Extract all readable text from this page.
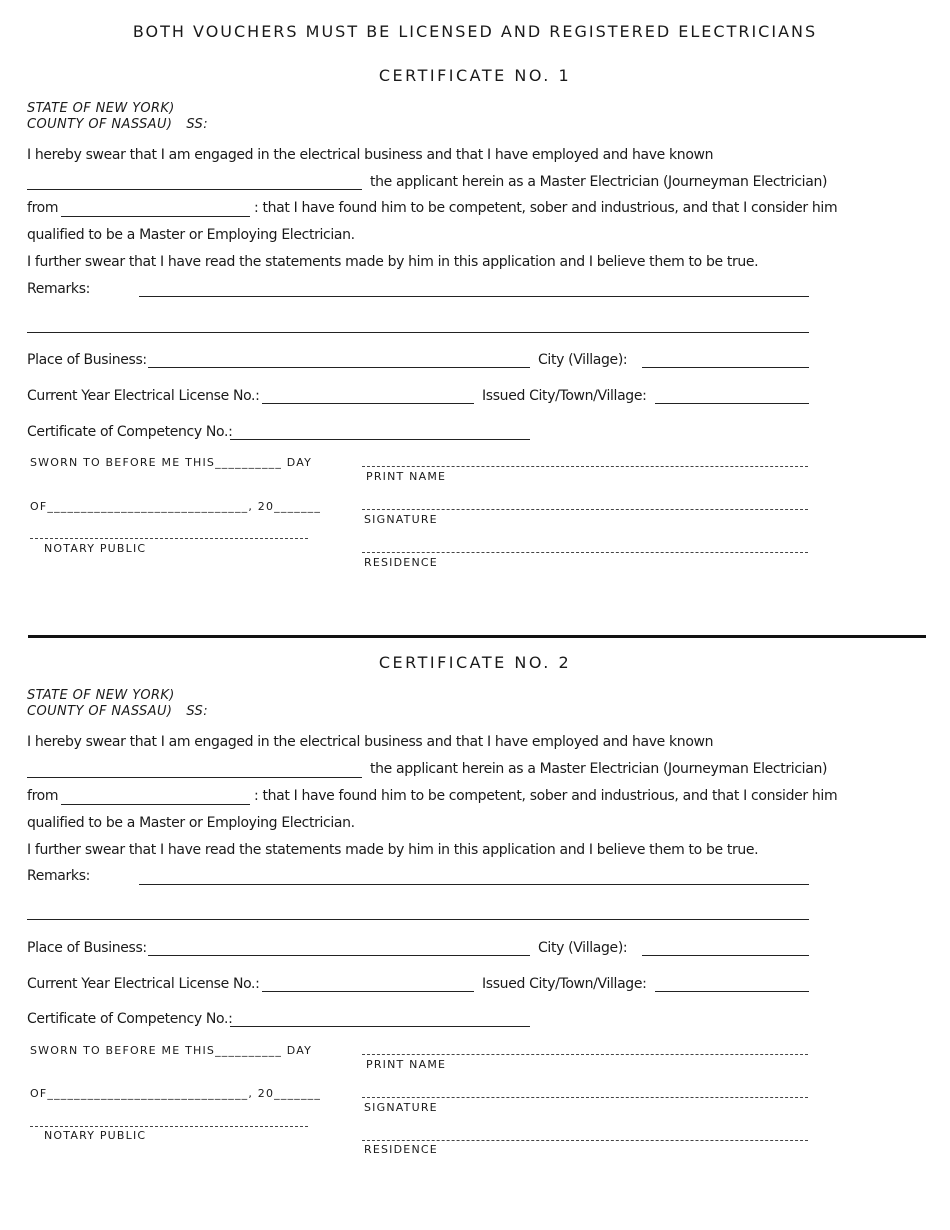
BOTH VOUCHERS MUST BE LICENSED AND REGISTERED ELECTRICIANS
CERTIFICATE NO. 1
STATE OF NEW YORK)
COUNTY OF NASSAU) SS:
I hereby swear that I am engaged in the electrical business and that I have employed and have known
the applicant herein as a Master Electrician (Journeyman Electrician)
from	: that I have found him to be competent, sober and industrious, and that I consider him
qualified to be a Master or Employing Electrician.
I further swear that I have read the statements made by him in this application and I believe them to be true.
Remarks:
Place of Business:	City (Village):
Current Year Electrical License No.:	Issued City/Town/Village:
Certificate of Competency No.:
SWORN TO BEFORE ME THIS__________ DAY
OF______________________________, 20_______
NOTARY PUBLIC
PRINT NAME
SIGNATURE
RESIDENCE
CERTIFICATE NO. 2
STATE OF NEW YORK)
COUNTY OF NASSAU) SS:
I hereby swear that I am engaged in the electrical business and that I have employed and have known
the applicant herein as a Master Electrician (Journeyman Electrician)
from	: that I have found him to be competent, sober and industrious, and that I consider him
qualified to be a Master or Employing Electrician.
I further swear that I have read the statements made by him in this application and I believe them to be true.
Remarks:
Place of Business:	City (Village):
Current Year Electrical License No.:	Issued City/Town/Village:
Certificate of Competency No.:
SWORN TO BEFORE ME THIS__________ DAY
OF______________________________, 20_______
NOTARY PUBLIC
PRINT NAME
SIGNATURE
RESIDENCE
